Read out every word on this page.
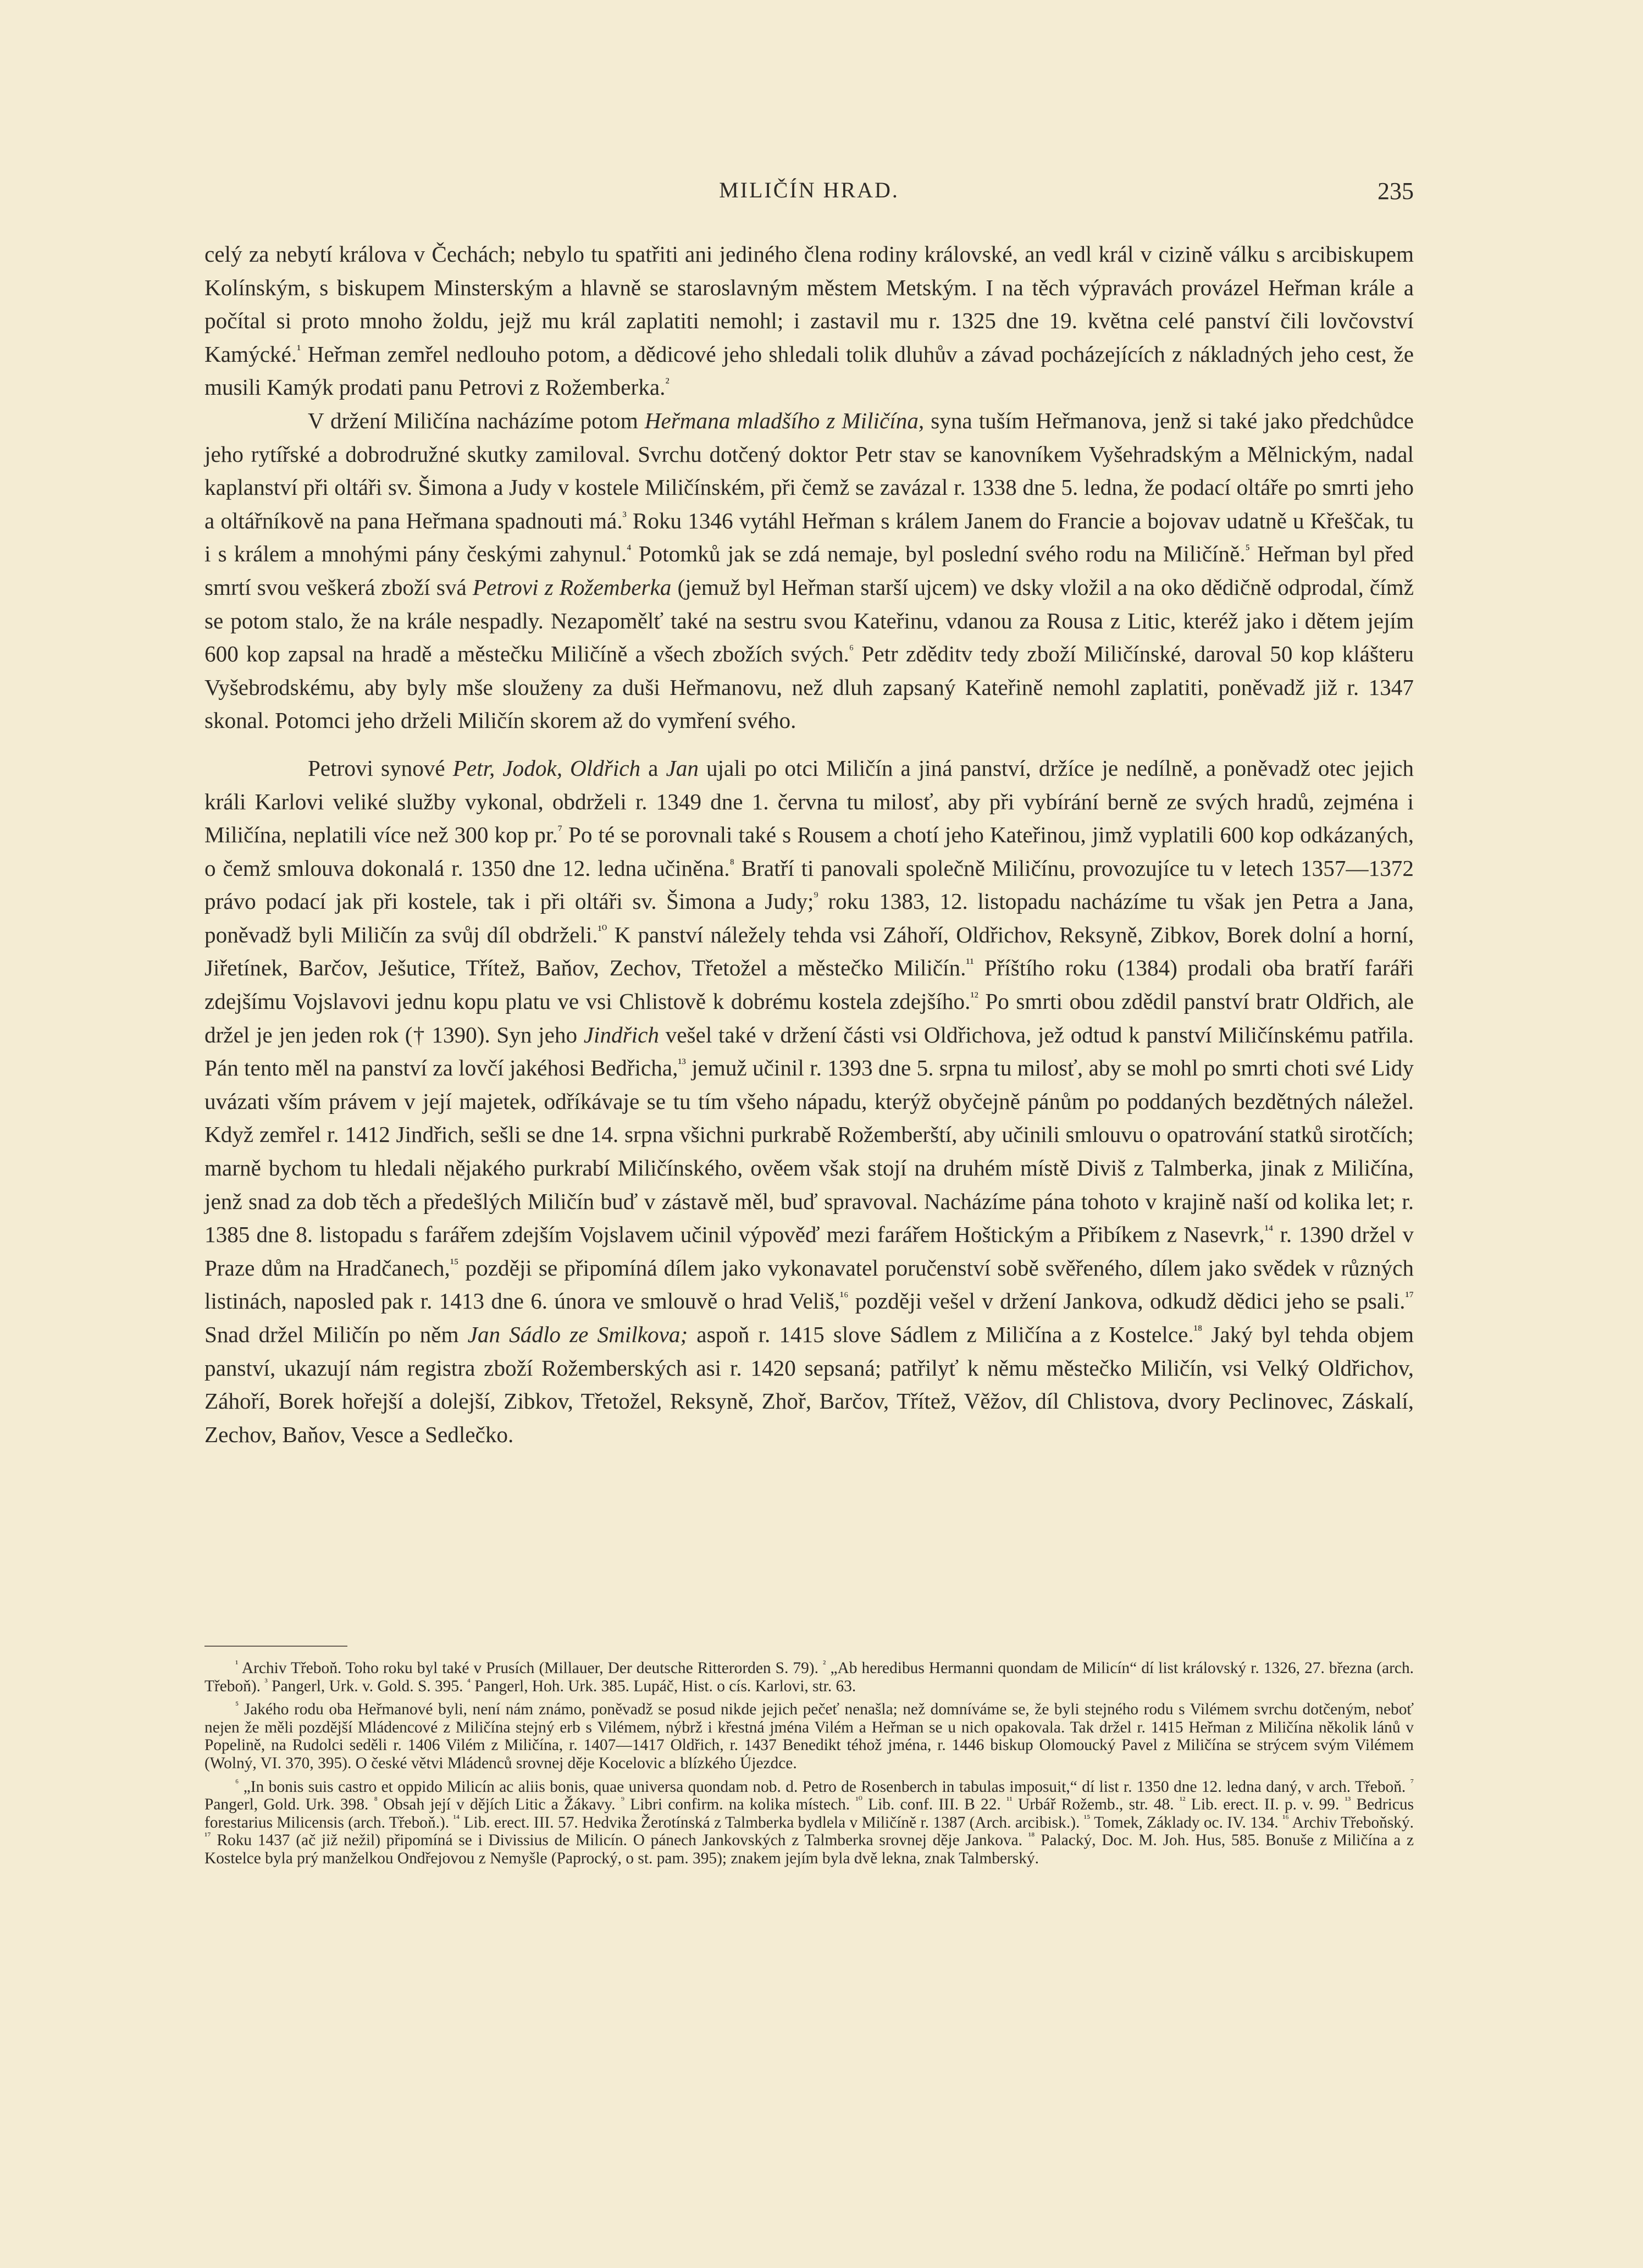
MILIČÍN HRAD.	235

celý za nebytí králova v Čechách; nebylo tu spatřiti ani jediného člena rodiny královské, an vedl král v cizině válku s arcibiskupem Kolínským, s biskupem Minsterským a hlavně se staroslavným městem Metským. I na těch výpravách provázel Heřman krále a počítal si proto mnoho žoldu, jejž mu král zaplatiti nemohl; i zastavil mu r. 1325 dne 19. května celé panství čili lovčovství Kamýcké.$^{^1}$ Heřman zemřel nedlouho potom, a dědicové jeho shledali tolik dluhův a závad pocházejících z nákladných jeho cest, že musili Kamýk prodati panu Petrovi z Rožemberka.$^{^2}$

V držení Miličína nacházíme potom Heřmana mladšího z Miličína, syna tuším Heřmanova, jenž si také jako předchůdce jeho rytířské a dobrodružné skutky zamiloval. Svrchu dotčený doktor Petr stav se kanovníkem Vyšehradským a Mělnickým, nadal kaplanství při oltáři sv. Šimona a Judy v kostele Miličínském, při čemž se zavázal r. 1338 dne 5. ledna, že podací oltáře po smrti jeho a oltářníkově na pana Heřmana spadnouti má.$^{^3}$ Roku 1346 vytáhl Heřman s králem Janem do Francie a bojovav udatně u Křeščak, tu i s králem a mnohými pány českými zahynul.$^{^4}$ Potomků jak se zdá nemaje, byl poslední svého rodu na Miličíně.$^{^5}$ Heřman byl před smrtí svou veškerá zboží svá Petrovi z Rožemberka (jemuž byl Heřman starší ujcem) ve dsky vložil a na oko dědičně odprodal, čímž se potom stalo, že na krále nespadly. Nezapomělť také na sestru svou Kateřinu, vdanou za Rousa z Litic, kteréž jako i dětem jejím 600 kop zapsal na hradě a městečku Miličíně a všech zbožích svých.$^{^6}$ Petr zděditv tedy zboží Miličínské, daroval 50 kop klášteru Vyšebrodskému, aby byly mše slouženy za duši Heřmanovu, než dluh zapsaný Kateřině nemohl zaplatiti, poněvadž již r. 1347 skonal. Potomci jeho drželi Miličín skorem až do vymření svého.

Petrovi synové Petr, Jodok, Oldřich a Jan ujali po otci Miličín a jiná panství, držíce je nedílně, a poněvadž otec jejich králi Karlovi veliké služby vykonal, obdrželi r. 1349 dne 1. června tu milosť, aby při vybírání berně ze svých hradů, zejména i Miličína, neplatili více než 300 kop pr.$^{^7}$ Po té se porovnali také s Rousem a chotí jeho Kateřinou, jimž vyplatili 600 kop odkázaných, o čemž smlouva dokonalá r. 1350 dne 12. ledna učiněna.$^{^8}$ Bratří ti panovali společně Miličínu, provozujíce tu v letech 1357—1372 právo podací jak při kostele, tak i při oltáři sv. Šimona a Judy;$^{^9}$ roku 1383, 12. listopadu nacházíme tu však jen Petra a Jana, poněvadž byli Miličín za svůj díl obdrželi.$^{^{10}}$ K panství náležely tehda vsi Záhoří, Oldřichov, Reksyně, Zibkov, Borek dolní a horní, Jiřetínek, Barčov, Ješutice, Třítež, Baňov, Zechov, Třetožel a městečko Miličín.$^{^{11}}$ Příštího roku (1384) prodali oba bratří faráři zdejšímu Vojslavovi jednu kopu platu ve vsi Chlistově k dobrému kostela zdejšího.$^{^{12}}$ Po smrti obou zdědil panství bratr Oldřich, ale držel je jen jeden rok († 1390). Syn jeho Jindřich vešel také v držení části vsi Oldřichova, jež odtud k panství Miličínskému patřila. Pán tento měl na panství za lovčí jakéhosi Bedřicha,$^{^{13}}$ jemuž učinil r. 1393 dne 5. srpna tu milosť, aby se mohl po smrti choti své Lidy uvázati vším právem v její majetek, odříkávaje se tu tím všeho nápadu, kterýž obyčejně pánům po poddaných bezdětných náležel. Když zemřel r. 1412 Jindřich, sešli se dne 14. srpna všichni purkrabě Rožemberští, aby učinili smlouvu o opatrování statků sirotčích; marně bychom tu hledali nějakého purkrabí Miličínského, ověem však stojí na druhém místě Diviš z Talmberka, jinak z Miličína, jenž snad za dob těch a předešlých Miličín buď v zástavě měl, buď spravoval. Nacházíme pána tohoto v krajině naší od kolika let; r. 1385 dne 8. listopadu s farářem zdejším Vojslavem učinil výpověď mezi farářem Hoštickým a Přibíkem z Nasevrk,$^{^{14}}$ r. 1390 držel v Praze dům na Hradčanech,$^{^{15}}$ později se připomíná dílem jako vykonavatel poručenství sobě svěřeného, dílem jako svědek v různých listinách, naposled pak r. 1413 dne 6. února ve smlouvě o hrad Veliš,$^{^{16}}$ později vešel v držení Jankova, odkudž dědici jeho se psali.$^{^{17}}$ Snad držel Miličín po něm Jan Sádlo ze Smilkova; aspoň r. 1415 slove Sádlem z Miličína a z Kostelce.$^{^{18}}$ Jaký byl tehda objem panství, ukazují nám registra zboží Rožemberských asi r. 1420 sepsaná; patřilyť k němu městečko Miličín, vsi Velký Oldřichov, Záhoří, Borek hořejší a dolejší, Zibkov, Třetožel, Reksyně, Zhoř, Barčov, Třítež, Věžov, díl Chlistova, dvory Peclinovec, Záskalí, Zechov, Baňov, Vesce a Sedlečko.

$^{^1}$ Archiv Třeboň. Toho roku byl také v Prusích (Millauer, Der deutsche Ritterorden S. 79). $^{^2}$ „Ab heredibus Hermanni quondam de Milicín“ dí list královský r. 1326, 27. března (arch. Třeboň). $^{^3}$ Pangerl, Urk. v. Gold. S. 395. $^{^4}$ Pangerl, Hoh. Urk. 385. Lupáč, Hist. o cís. Karlovi, str. 63.

$^{^5}$ Jakého rodu oba Heřmanové byli, není nám známo, poněvadž se posud nikde jejich pečeť nenašla; než domníváme se, že byli stejného rodu s Vilémem svrchu dotčeným, neboť nejen že měli pozdější Mládencové z Miličína stejný erb s Vilémem, nýbrž i křestná jména Vilém a Heřman se u nich opakovala. Tak držel r. 1415 Heřman z Miličína několik lánů v Popelině, na Rudolci seděli r. 1406 Vilém z Miličína, r. 1407—1417 Oldřich, r. 1437 Benedikt téhož jména, r. 1446 biskup Olomoucký Pavel z Miličína se strýcem svým Vilémem (Wolný, VI. 370, 395). O české větvi Mládenců srovnej děje Kocelovic a blízkého Újezdce.

$^{^6}$ „In bonis suis castro et oppido Milicín ac aliis bonis, quae universa quondam nob. d. Petro de Rosenberch in tabulas imposuit,“ dí list r. 1350 dne 12. ledna daný, v arch. Třeboň. $^{^7}$ Pangerl, Gold. Urk. 398. $^{^8}$ Obsah její v dějích Litic a Žákavy. $^{^9}$ Libri confirm. na kolika místech. $^{^{10}}$ Lib. conf. III. B 22. $^{^{11}}$ Urbář Rožemb., str. 48. $^{^{12}}$ Lib. erect. II. p. v. 99. $^{^{13}}$ Bedricus forestarius Milicensis (arch. Třeboň.). $^{^{14}}$ Lib. erect. III. 57. Hedvika Žerotínská z Talmberka bydlela v Miličíně r. 1387 (Arch. arcibisk.). $^{^{15}}$ Tomek, Základy oc. IV. 134. $^{^{16}}$ Archiv Třeboňský. $^{^{17}}$ Roku 1437 (ač již nežil) připomíná se i Divissius de Milicín. O pánech Jankovských z Talmberka srovnej děje Jankova. $^{^{18}}$ Palacký, Doc. M. Joh. Hus, 585. Bonuše z Miličína a z Kostelce byla prý manželkou Ondřejovou z Nemyšle (Paprocký, o st. pam. 395); znakem jejím byla dvě lekna, znak Talmberský.
